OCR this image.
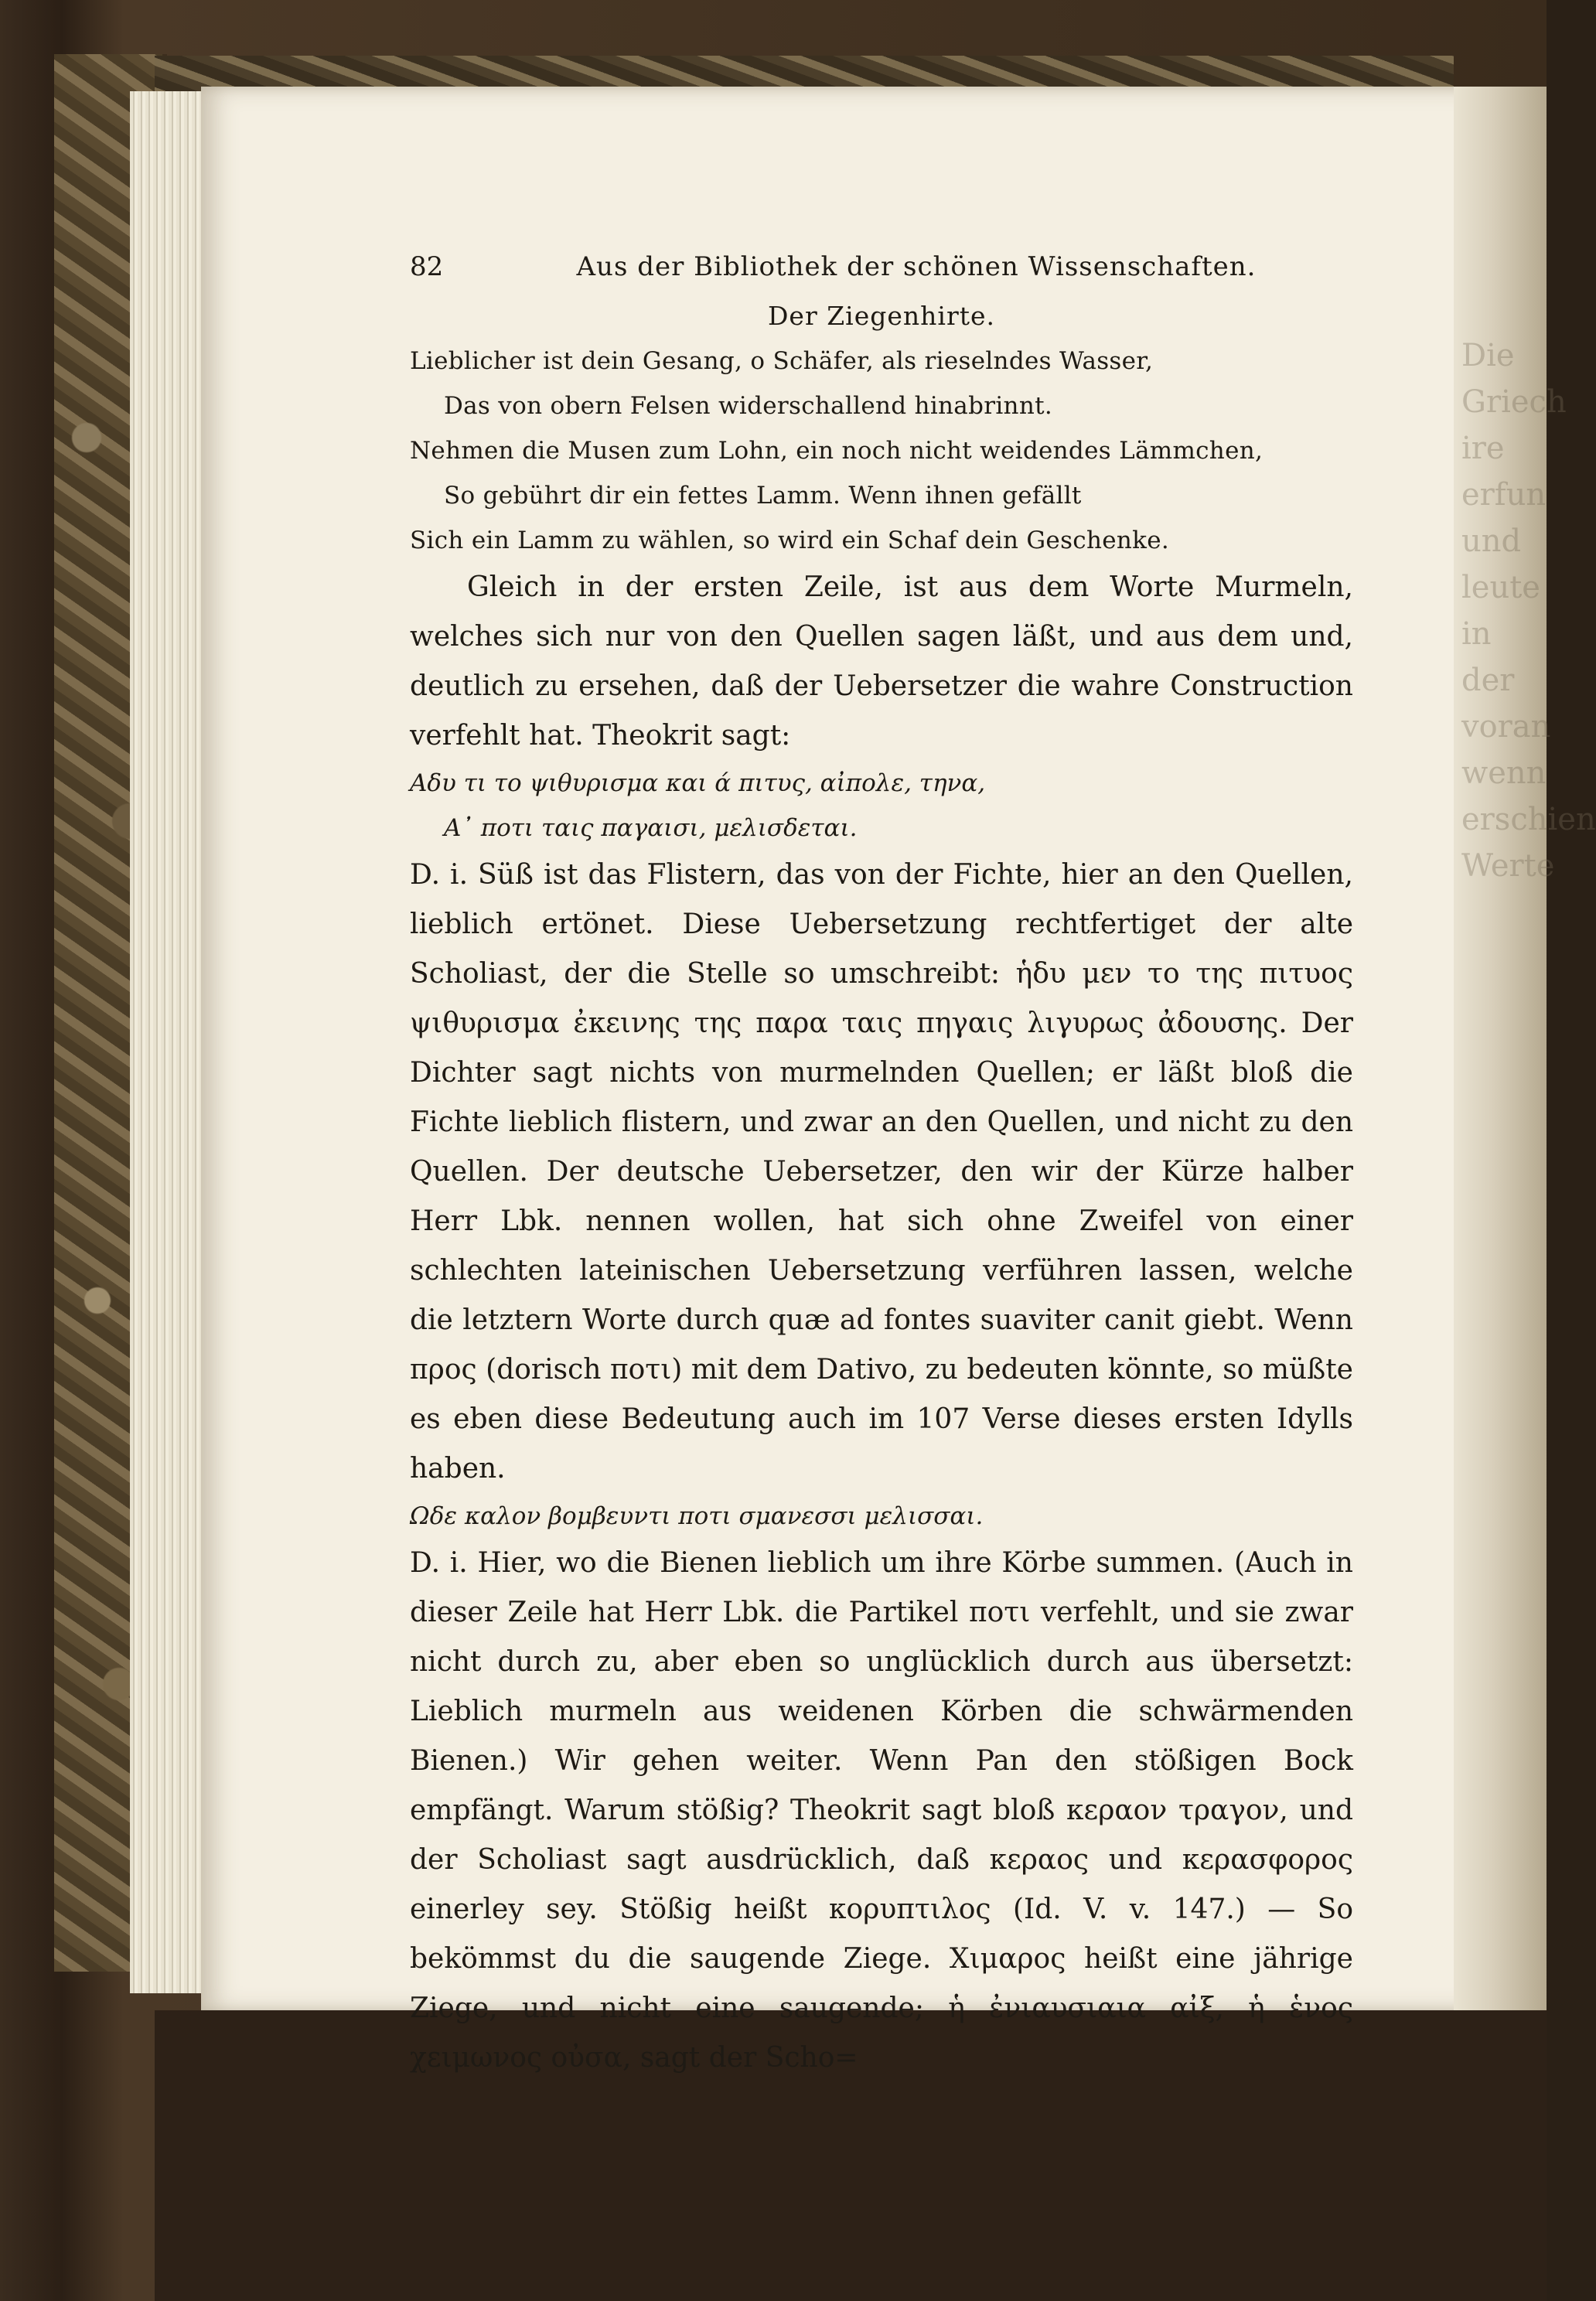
Die
Griech
ire
erfun
und
leute
in
der
voran
wenn
erschien
Werte
82	Aus der Bibliothek der schönen Wissenschaften.
Der Ziegenhirte.
Lieblicher ist dein Gesang, o Schäfer, als rieselndes Wasser,
Das von obern Felsen widerschallend hinabrinnt.
Nehmen die Musen zum Lohn, ein noch nicht weidendes Lämmchen,
So gebührt dir ein fettes Lamm. Wenn ihnen gefällt
Sich ein Lamm zu wählen, so wird ein Schaf dein Geschenke.

Gleich in der ersten Zeile, ist aus dem Worte Murmeln, welches sich nur von den Quellen sagen läßt, und aus dem und, deutlich zu ersehen, daß der Uebersetzer die wahre Construction verfehlt hat. Theokrit sagt:

Αδυ τι το ψιθυρισμα και ά πιτυς, αἰπολε, τηνα,
Α᾿ ποτι ταις παγαισι, μελισδεται.

D. i. Süß ist das Flistern, das von der Fichte, hier an den Quellen, lieblich ertönet. Diese Uebersetzung rechtfertiget der alte Scholiast, der die Stelle so umschreibt: ἡδυ μεν το της πιτυος ψιθυρισμα ἐκεινης της παρα ταις πηγαις λιγυρως ἀδουσης. Der Dichter sagt nichts von murmelnden Quellen; er läßt bloß die Fichte lieblich flistern, und zwar an den Quellen, und nicht zu den Quellen. Der deutsche Uebersetzer, den wir der Kürze halber Herr Lbk. nennen wollen, hat sich ohne Zweifel von einer schlechten lateinischen Uebersetzung verführen lassen, welche die letztern Worte durch quæ ad fontes suaviter canit giebt. Wenn προς (dorisch ποτι) mit dem Dativo, zu bedeuten könnte, so müßte es eben diese Bedeutung auch im 107 Verse dieses ersten Idylls haben.

Ωδε καλον βομβευντι ποτι σμανεσσι μελισσαι.

D. i. Hier, wo die Bienen lieblich um ihre Körbe summen. (Auch in dieser Zeile hat Herr Lbk. die Partikel ποτι verfehlt, und sie zwar nicht durch zu, aber eben so unglücklich durch aus übersetzt: Lieblich murmeln aus weidenen Körben die schwärmenden Bienen.) Wir gehen weiter. Wenn Pan den stößigen Bock empfängt. Warum stößig? Theokrit sagt bloß κεραον τραγον, und der Scholiast sagt ausdrücklich, daß κεραος und κερασφορος einerley sey. Stößig heißt κορυπτιλος (Id. V. v. 147.) — So bekömmst du die saugende Ziege. Χιμαρος heißt eine jährige Ziege, und nicht eine saugende; ἡ ἐνιαυσιαια αἰξ, ἡ ἑνος χειμωνος οὐσα, sagt der Scho=
